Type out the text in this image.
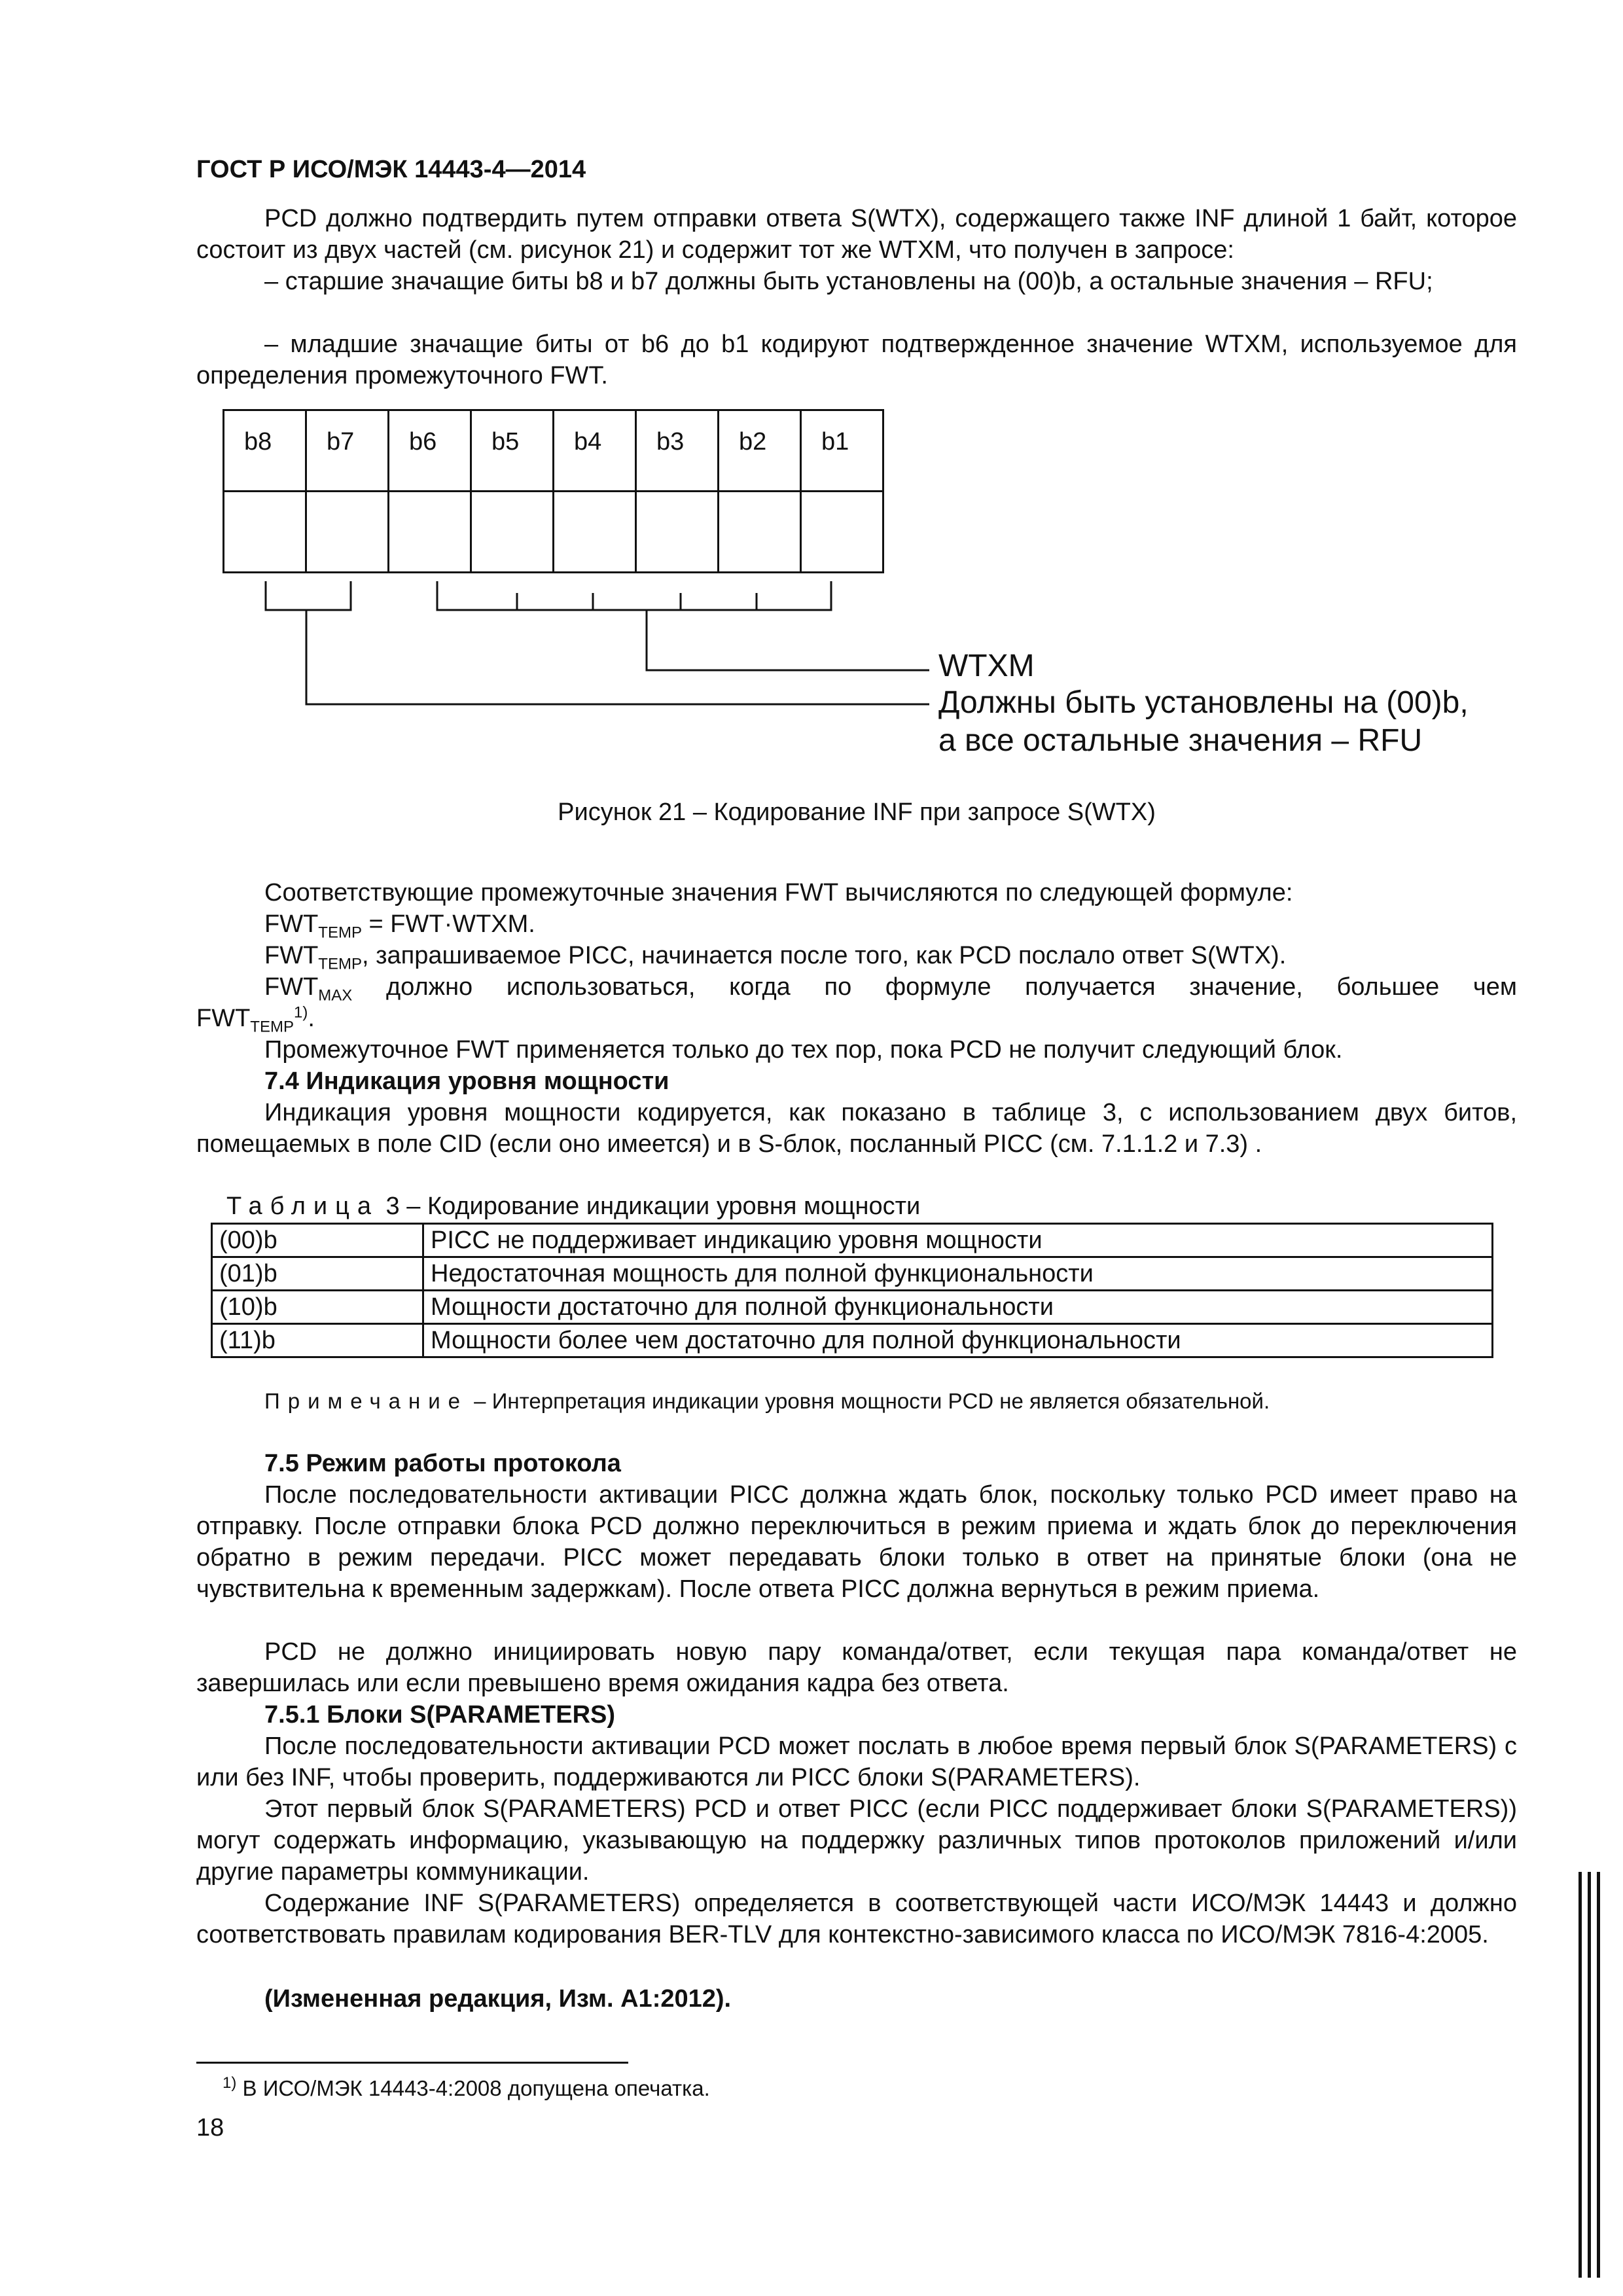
ГОСТ Р ИСО/МЭК 14443-4—2014
PCD должно подтвердить путем отправки ответа S(WTX), содержащего также INF длиной 1 байт, которое состоит из двух частей (см. рисунок 21) и содержит тот же WTXM, что получен в запросе:
– старшие значащие биты b8 и b7 должны быть установлены на (00)b, а остальные значения – RFU;
– младшие значащие биты от b6 до b1 кодируют подтвержденное значение WTXM, используемое для определения промежуточного FWT.
b8	b7	b6	b5	b4	b3	b2	b1

WTXM
Должны быть установлены на (00)b,
а все остальные значения – RFU
Рисунок 21 – Кодирование INF при запросе S(WTX)
Соответствующие промежуточные значения FWT вычисляются по следующей формуле:
$FWT_{TEMP}$ = FWT·WTXM.
$FWT_{TEMP}$, запрашиваемое PICC, начинается после того, как PCD послало ответ S(WTX).
$FWT_{MAX}$ должно использоваться, когда по формуле получается значение, большее чем
$FWT_{TEMP}^{1)}$.
Промежуточное FWT применяется только до тех пор, пока PCD не получит следующий блок.
7.4 Индикация уровня мощности
Индикация уровня мощности кодируется, как показано в таблице 3, с использованием двух битов, помещаемых в поле CID (если оно имеется) и в S-блок, посланный PICC (см. 7.1.1.2 и 7.3) .
Таблица 3 – Кодирование индикации уровня мощности
(00)b	PICC не поддерживает индикацию уровня мощности
(01)b	Недостаточная мощность для полной функциональности
(10)b	Мощности достаточно для полной функциональности
(11)b	Мощности более чем достаточно для полной функциональности
Примечание – Интерпретация индикации уровня мощности PCD не является обязательной.
7.5 Режим работы протокола
После последовательности активации PICC должна ждать блок, поскольку только PCD имеет право на отправку. После отправки блока PCD должно переключиться в режим приема и ждать блок до переключения обратно в режим передачи. PICC может передавать блоки только в ответ на принятые блоки (она не чувствительна к временным задержкам). После ответа PICC должна вернуться в режим приема.
PCD не должно инициировать новую пару команда/ответ, если текущая пара команда/ответ не завершилась или если превышено время ожидания кадра без ответа.
7.5.1 Блоки S(PARAMETERS)
После последовательности активации PCD может послать в любое время первый блок S(PARAMETERS) с или без INF, чтобы проверить, поддерживаются ли PICC блоки S(PARAMETERS).
Этот первый блок S(PARAMETERS) PCD и ответ PICC (если PICC поддерживает блоки S(PARAMETERS)) могут содержать информацию, указывающую на поддержку различных типов протоколов приложений и/или другие параметры коммуникации.
Содержание INF S(PARAMETERS) определяется в соответствующей части ИСО/МЭК 14443 и должно соответствовать правилам кодирования BER-TLV для контекстно-зависимого класса по ИСО/МЭК 7816-4:2005.
(Измененная редакция, Изм. А1:2012).
$^{1)}$ В ИСО/МЭК 14443-4:2008 допущена опечатка.
18
